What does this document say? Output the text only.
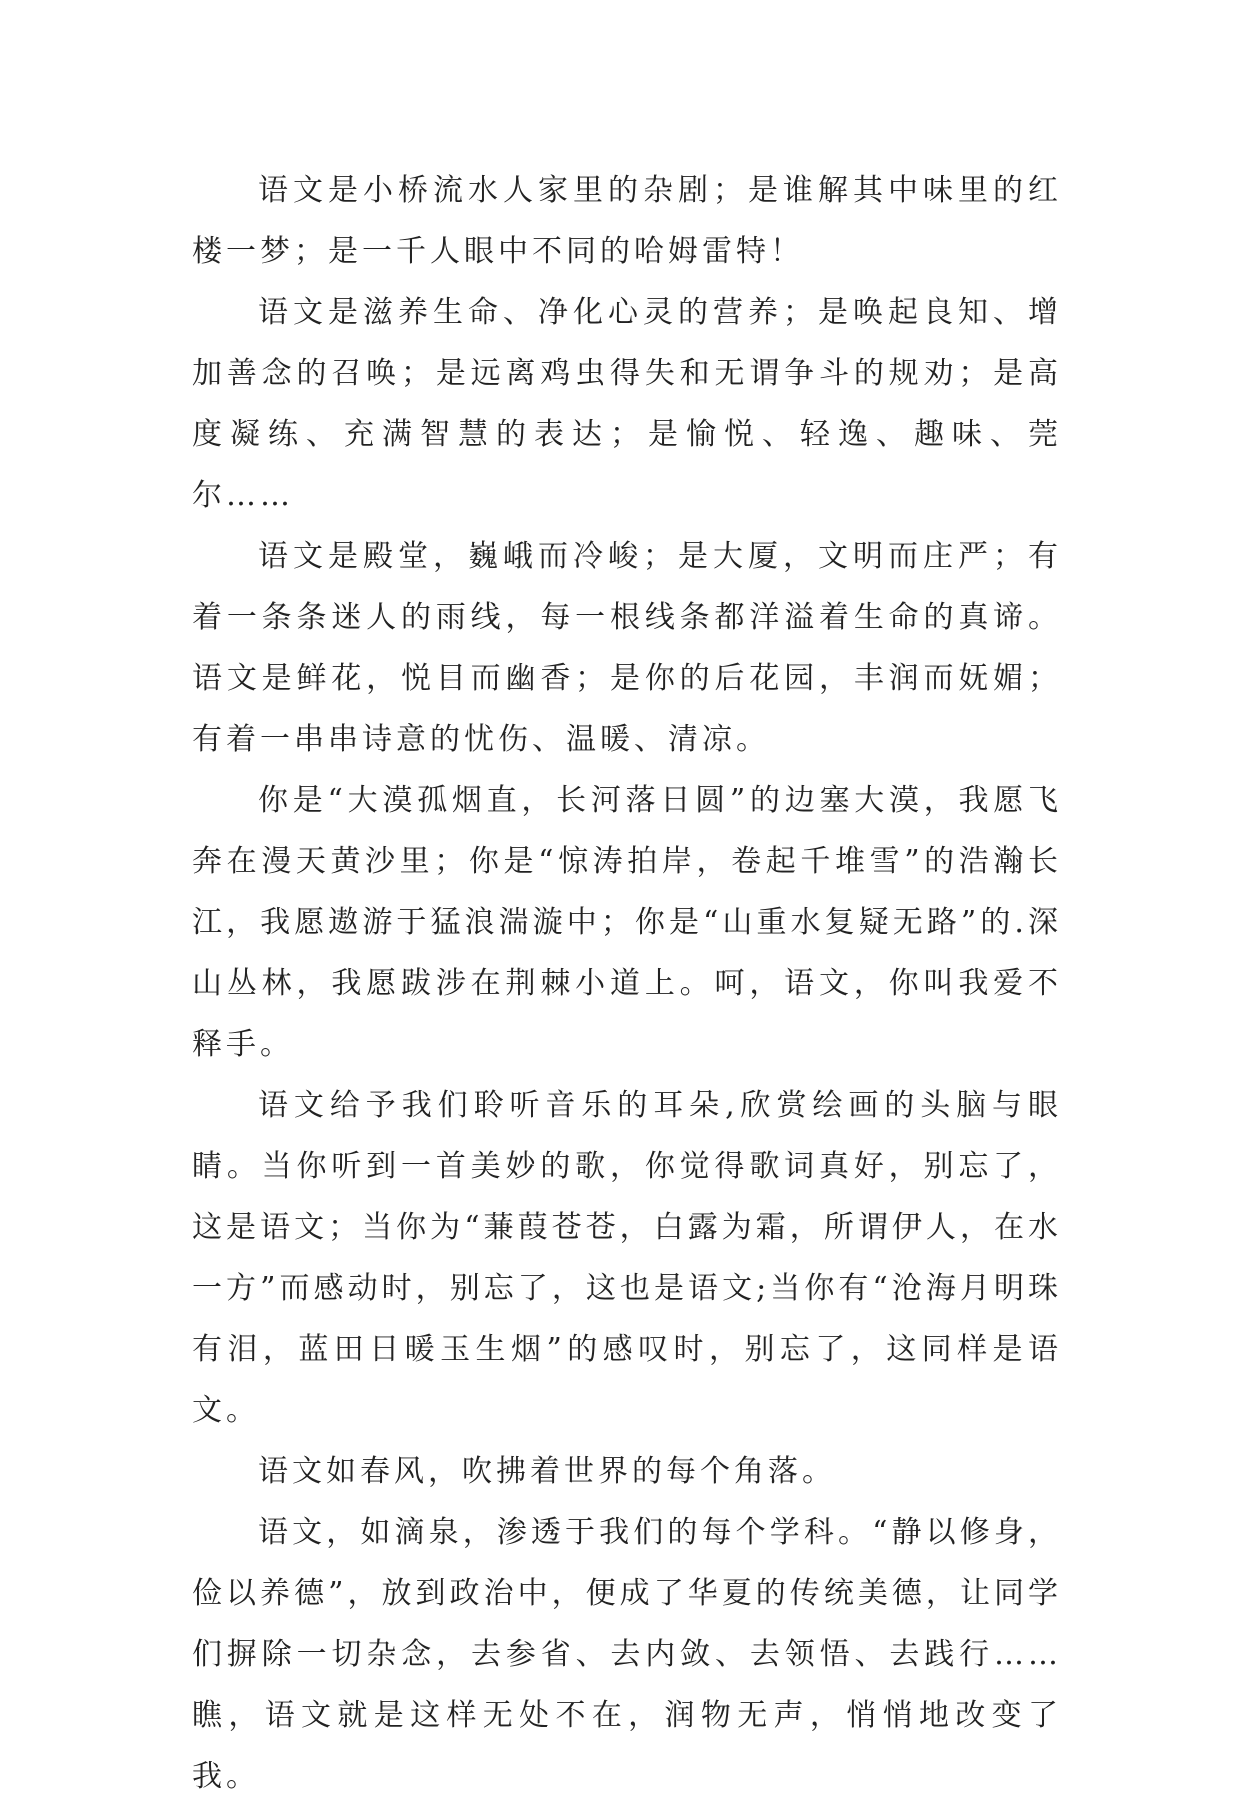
语文是小桥流水人家里的杂剧；是谁解其中味里的红楼一梦；是一千人眼中不同的哈姆雷特！

语文是滋养生命、净化心灵的营养；是唤起良知、增加善念的召唤；是远离鸡虫得失和无谓争斗的规劝；是高度凝练、充满智慧的表达；是愉悦、轻逸、趣味、莞尔……

语文是殿堂，巍峨而冷峻；是大厦，文明而庄严；有着一条条迷人的雨线，每一根线条都洋溢着生命的真谛。语文是鲜花，悦目而幽香；是你的后花园，丰润而妩媚；有着一串串诗意的忧伤、温暖、清凉。

你是“大漠孤烟直，长河落日圆”的边塞大漠，我愿飞奔在漫天黄沙里；你是“惊涛拍岸，卷起千堆雪”的浩瀚长江，我愿遨游于猛浪湍漩中；你是“山重水复疑无路”的.深山丛林，我愿跋涉在荆棘小道上。呵，语文，你叫我爱不释手。

语文给予我们聆听音乐的耳朵,欣赏绘画的头脑与眼睛。当你听到一首美妙的歌，你觉得歌词真好，别忘了，这是语文；当你为“蒹葭苍苍，白露为霜，所谓伊人，在水一方”而感动时，别忘了，这也是语文;当你有“沧海月明珠有泪，蓝田日暖玉生烟”的感叹时，别忘了，这同样是语文。

语文如春风，吹拂着世界的每个角落。

语文，如滴泉，渗透于我们的每个学科。“静以修身，俭以养德”，放到政治中，便成了华夏的传统美德，让同学们摒除一切杂念，去参省、去内敛、去领悟、去践行……瞧，语文就是这样无处不在，润物无声，悄悄地改变了我。
